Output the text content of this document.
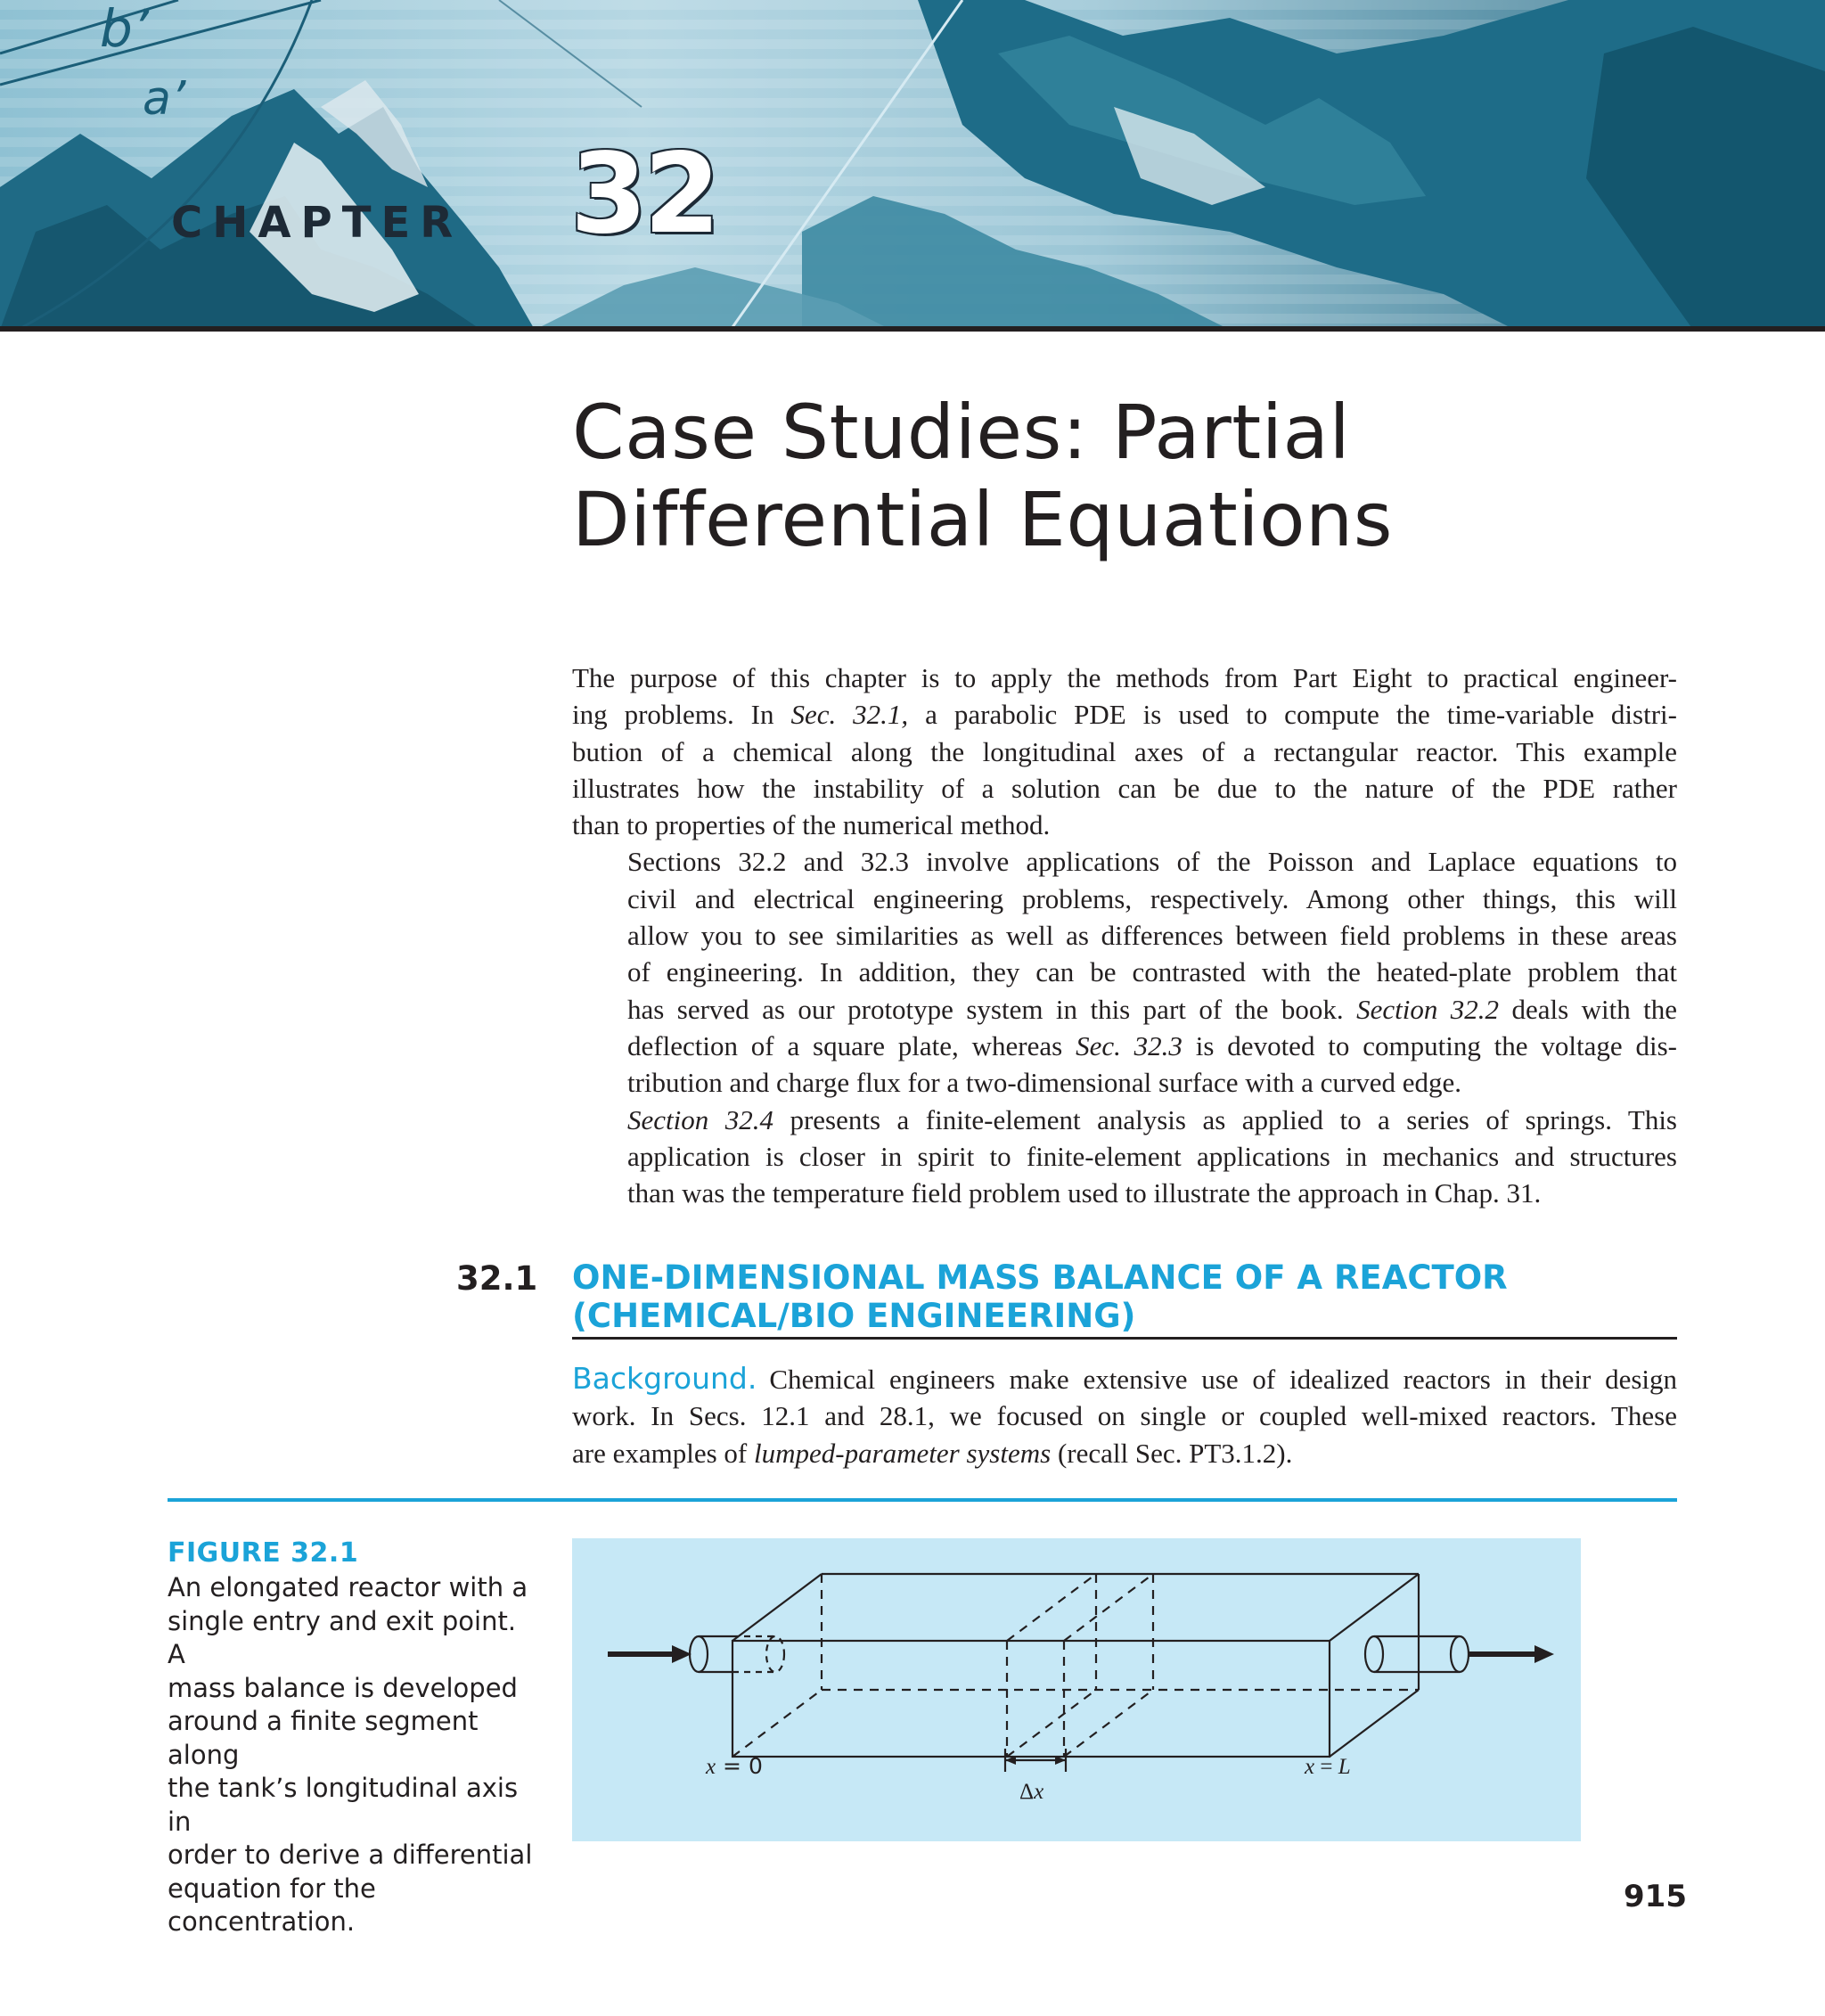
b’
a’
CHAPTER 32
Case Studies: Partial
Differential Equations

The purpose of this chapter is to apply the methods from Part Eight to practical engineer-
ing problems. In Sec. 32.1, a parabolic PDE is used to compute the time-variable distri-
bution of a chemical along the longitudinal axes of a rectangular reactor. This example
illustrates how the instability of a solution can be due to the nature of the PDE rather
than to properties of the numerical method.

Sections 32.2 and 32.3 involve applications of the Poisson and Laplace equations to
civil and electrical engineering problems, respectively. Among other things, this will
allow you to see similarities as well as differences between field problems in these areas
of engineering. In addition, they can be contrasted with the heated-plate problem that
has served as our prototype system in this part of the book. Section 32.2 deals with the
deflection of a square plate, whereas Sec. 32.3 is devoted to computing the voltage dis-
tribution and charge flux for a two-dimensional surface with a curved edge.

Section 32.4 presents a finite-element analysis as applied to a series of springs. This
application is closer in spirit to finite-element applications in mechanics and structures
than was the temperature field problem used to illustrate the approach in Chap. 31.

32.1 ONE-DIMENSIONAL MASS BALANCE OF A REACTOR
(CHEMICAL/BIO ENGINEERING)

Background. Chemical engineers make extensive use of idealized reactors in their design
work. In Secs. 12.1 and 28.1, we focused on single or coupled well-mixed reactors. These
are examples of lumped-parameter systems (recall Sec. PT3.1.2).

FIGURE 32.1
An elongated reactor with a
single entry and exit point. A
mass balance is developed
around a finite segment along
the tank’s longitudinal axis in
order to derive a differential
equation for the concentration.
x = 0	x = L
Δx
915
